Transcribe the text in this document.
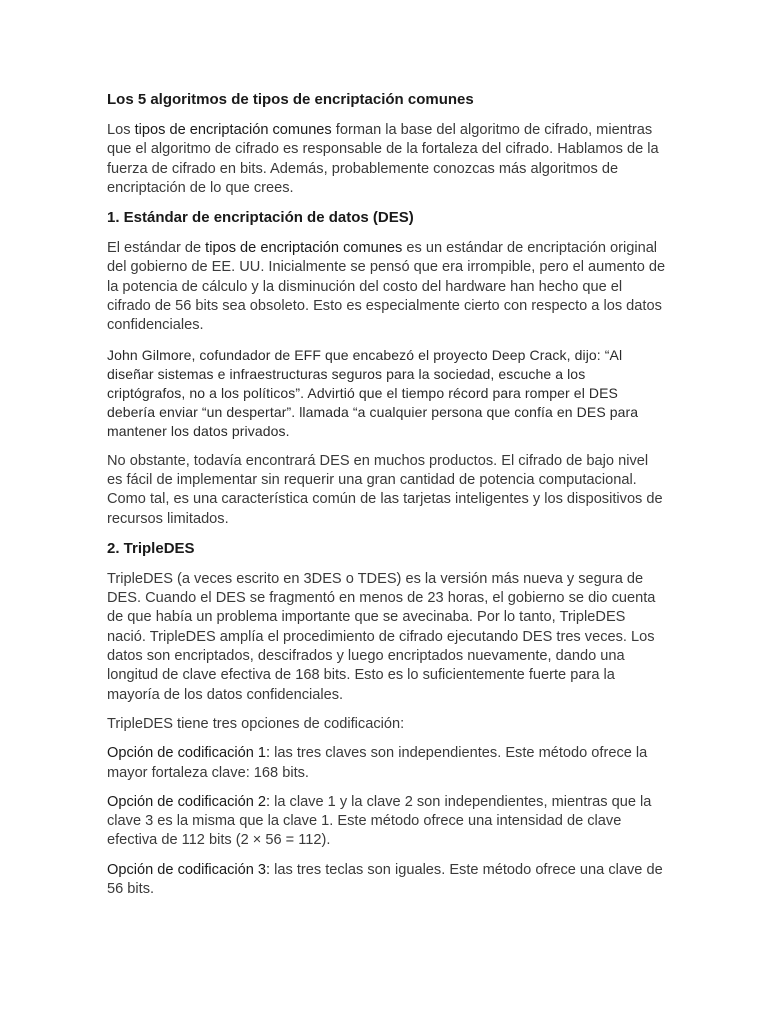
Los 5 algoritmos de tipos de encriptación comunes

Los tipos de encriptación comunes forman la base del algoritmo de cifrado, mientras que el algoritmo de cifrado es responsable de la fortaleza del cifrado. Hablamos de la fuerza de cifrado en bits. Además, probablemente conozcas más algoritmos de encriptación de lo que crees.

1. Estándar de encriptación de datos (DES)

El estándar de tipos de encriptación comunes es un estándar de encriptación original del gobierno de EE. UU. Inicialmente se pensó que era irrompible, pero el aumento de la potencia de cálculo y la disminución del costo del hardware han hecho que el cifrado de 56 bits sea obsoleto. Esto es especialmente cierto con respecto a los datos confidenciales.

John Gilmore, cofundador de EFF que encabezó el proyecto Deep Crack, dijo: “Al diseñar sistemas e infraestructuras seguros para la sociedad, escuche a los criptógrafos, no a los políticos”. Advirtió que el tiempo récord para romper el DES debería enviar “un despertar”. llamada “a cualquier persona que confía en DES para mantener los datos privados.

No obstante, todavía encontrará DES en muchos productos. El cifrado de bajo nivel es fácil de implementar sin requerir una gran cantidad de potencia computacional. Como tal, es una característica común de las tarjetas inteligentes y los dispositivos de recursos limitados.

2. TripleDES

TripleDES (a veces escrito en 3DES o TDES) es la versión más nueva y segura de DES. Cuando el DES se fragmentó en menos de 23 horas, el gobierno se dio cuenta de que había un problema importante que se avecinaba. Por lo tanto, TripleDES nació. TripleDES amplía el procedimiento de cifrado ejecutando DES tres veces. Los datos son encriptados, descifrados y luego encriptados nuevamente, dando una longitud de clave efectiva de 168 bits. Esto es lo suficientemente fuerte para la mayoría de los datos confidenciales.

TripleDES tiene tres opciones de codificación:

Opción de codificación 1: las tres claves son independientes. Este método ofrece la mayor fortaleza clave: 168 bits.

Opción de codificación 2: la clave 1 y la clave 2 son independientes, mientras que la clave 3 es la misma que la clave 1. Este método ofrece una intensidad de clave efectiva de 112 bits (2 × 56 = 112).

Opción de codificación 3: las tres teclas son iguales. Este método ofrece una clave de 56 bits.
